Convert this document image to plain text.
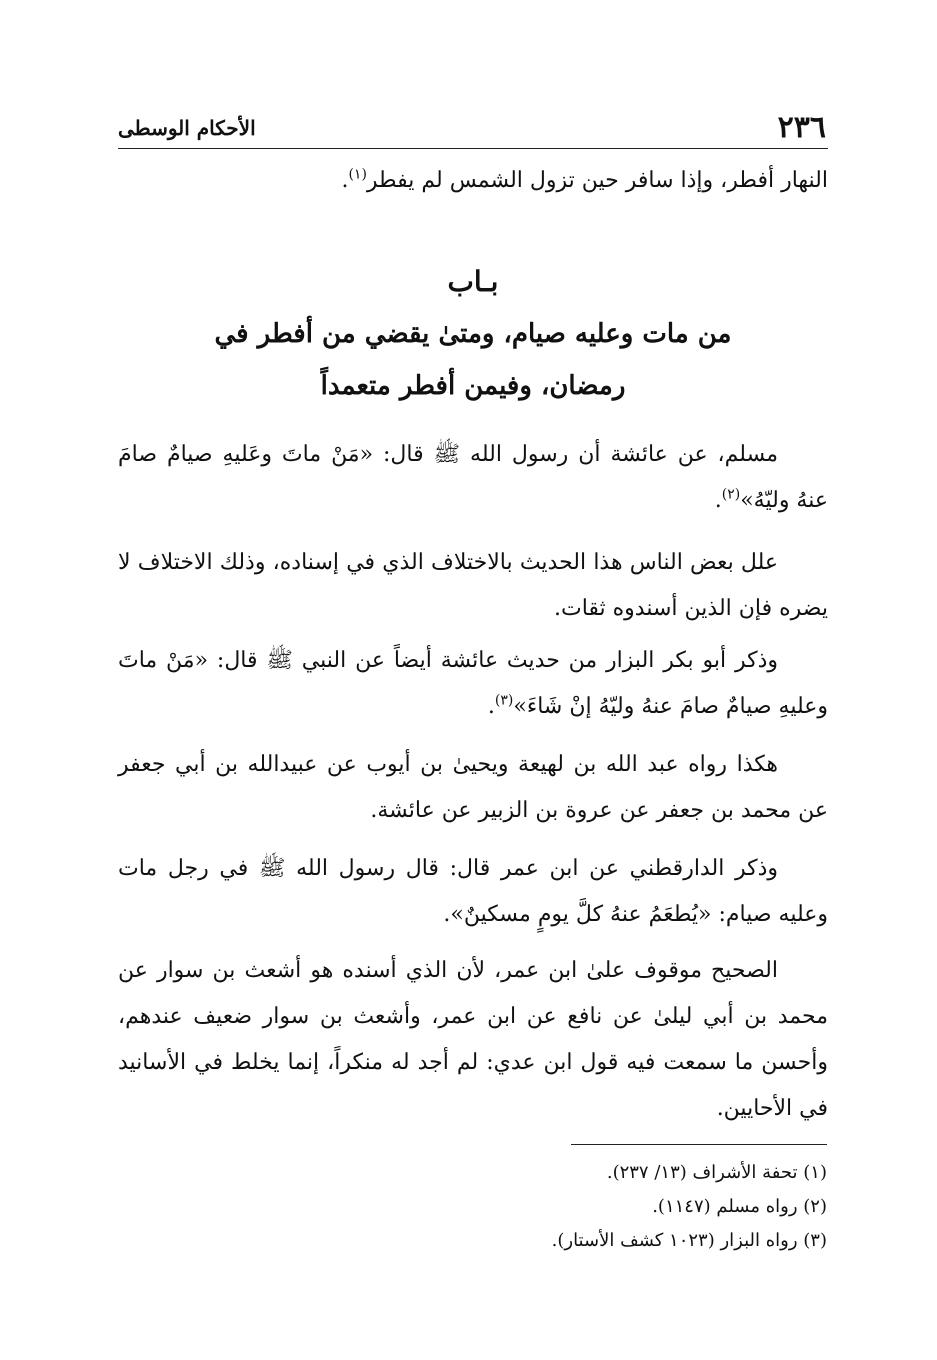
٢٣٦
الأحكام الوسطى
النهار أفطر، وإذا سافر حين تزول الشمس لم يفطر$^{(١)}$.
بـاب
من مات وعليه صيام، ومتىٰ يقضي من أفطر في
رمضان، وفيمن أفطر متعمداً
مسلم، عن عائشة أن رسول الله ﷺ قال: «مَنْ ماتَ وعَليهِ صيامٌ صامَ عنهُ وليّهُ»$^{(٢)}$.
علل بعض الناس هذا الحديث بالاختلاف الذي في إسناده، وذلك الاختلاف لا يضره فإن الذين أسندوه ثقات.
وذكر أبو بكر البزار من حديث عائشة أيضاً عن النبي ﷺ قال: «مَنْ ماتَ وعليهِ صيامٌ صامَ عنهُ وليّهُ إنْ شَاءَ»$^{(٣)}$.
هكذا رواه عبد الله بن لهيعة ويحيىٰ بن أيوب عن عبيدالله بن أبي جعفر عن محمد بن جعفر عن عروة بن الزبير عن عائشة.
وذكر الدارقطني عن ابن عمر قال: قال رسول الله ﷺ في رجل مات وعليه صيام: «يُطعَمُ عنهُ كلَّ يومٍ مسكينٌ».
الصحيح موقوف علىٰ ابن عمر، لأن الذي أسنده هو أشعث بن سوار عن محمد بن أبي ليلىٰ عن نافع عن ابن عمر، وأشعث بن سوار ضعيف عندهم، وأحسن ما سمعت فيه قول ابن عدي: لم أجد له منكراً، إنما يخلط في الأسانيد في الأحايين.
(١) تحفة الأشراف (١٣/ ٢٣٧).
(٢) رواه مسلم (١١٤٧).
(٣) رواه البزار (١٠٢٣ كشف الأستار).
